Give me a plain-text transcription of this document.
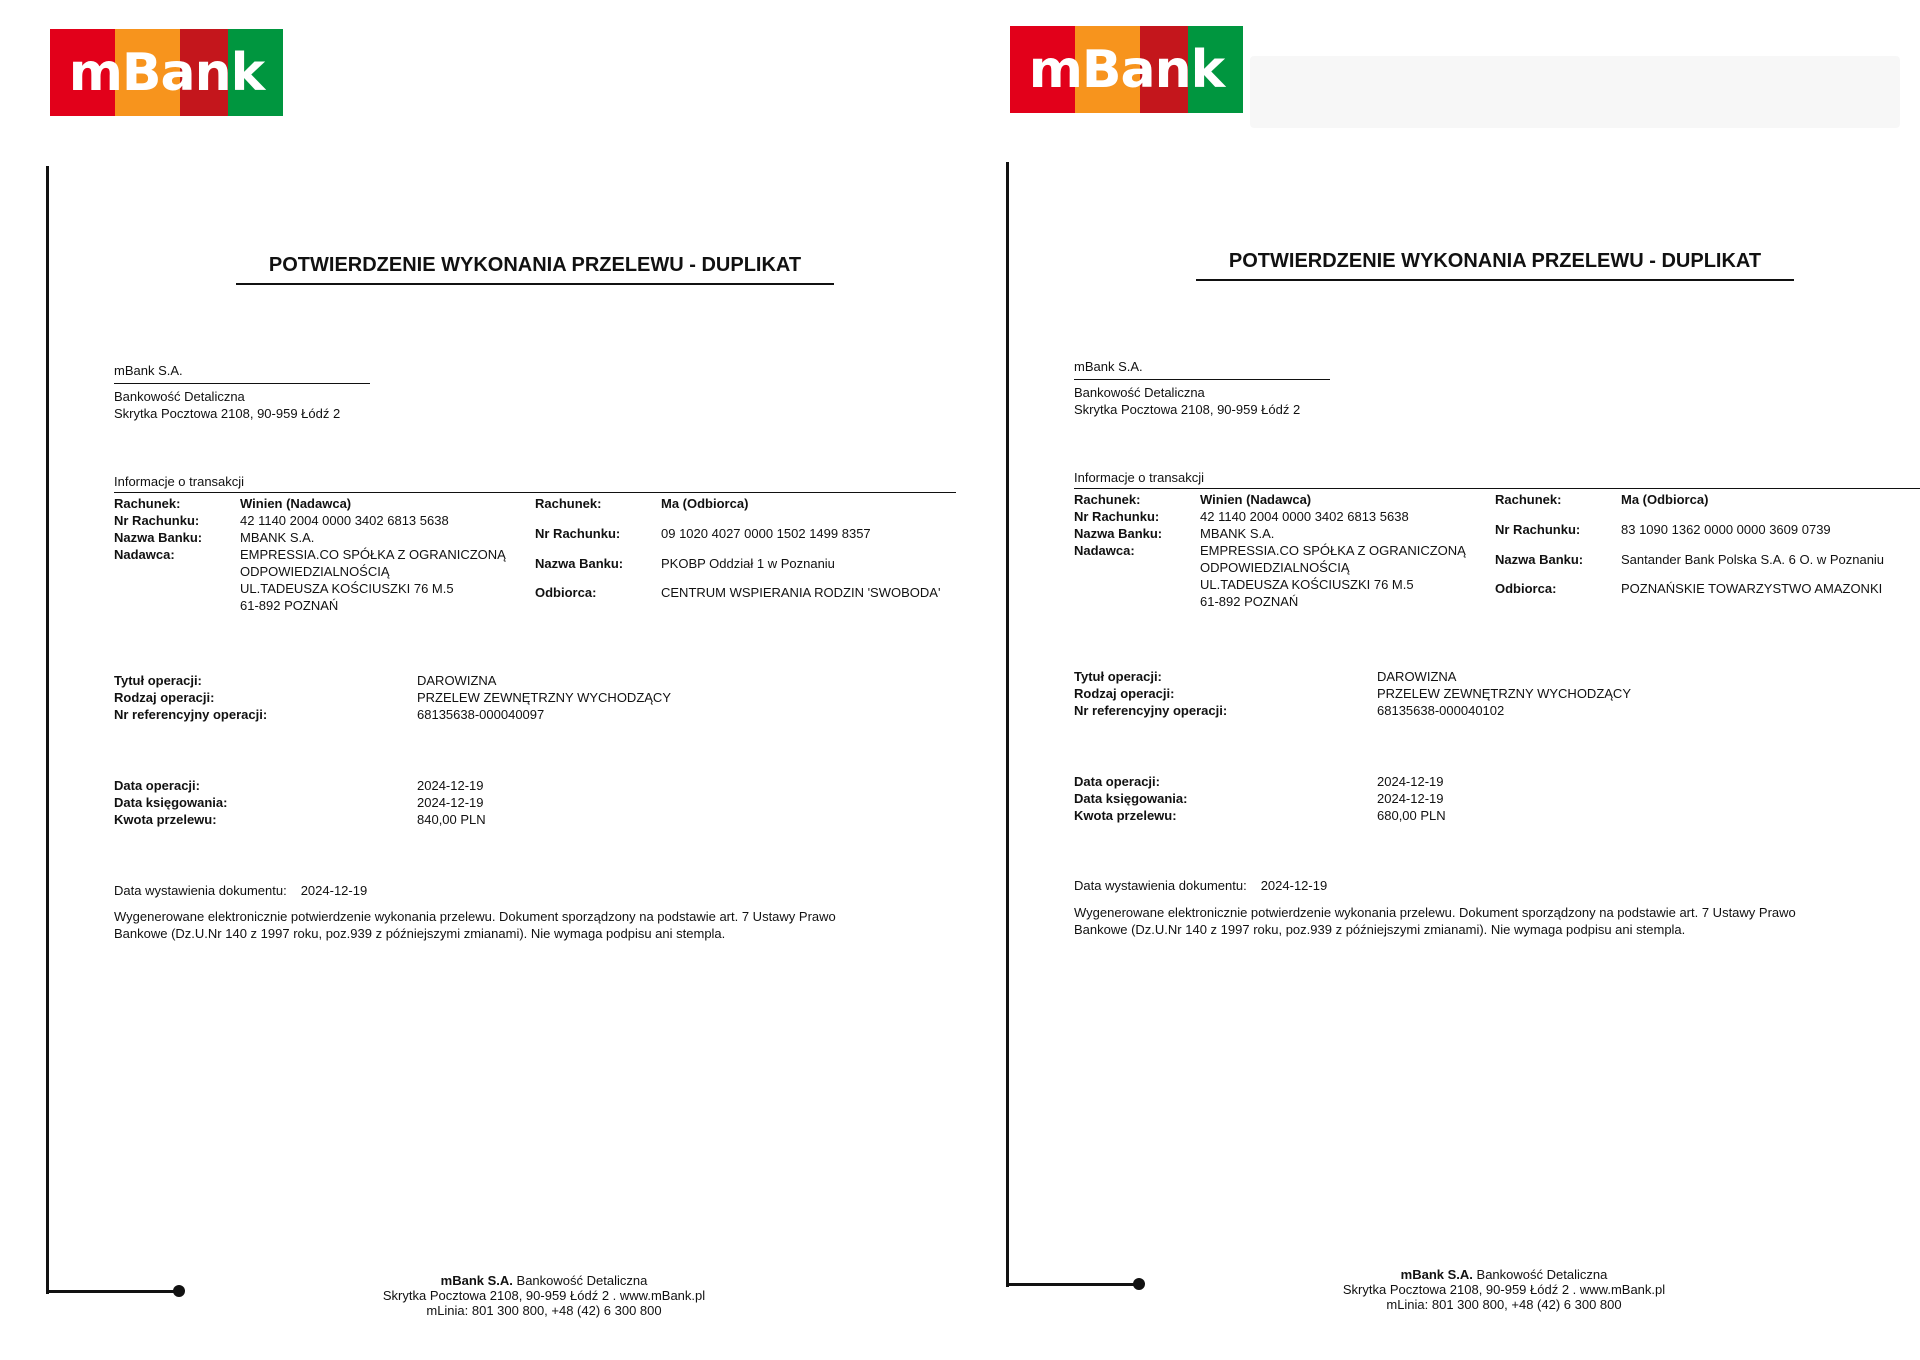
mBank
POTWIERDZENIE WYKONANIA PRZELEWU - DUPLIKAT
mBank S.A.
Bankowość Detaliczna
Skrytka Pocztowa 2108, 90-959 Łódź 2
Informacje o transakcji
Rachunek:	Winien (Nadawca)
Nr Rachunku:	42 1140 2004 0000 3402 6813 5638
Nazwa Banku:	MBANK S.A.
Nadawca:	EMPRESSIA.CO SPÓŁKA Z OGRANICZONĄ
ODPOWIEDZIALNOŚCIĄ
UL.TADEUSZA KOŚCIUSZKI 76 M.5
61-892 POZNAŃ
Rachunek:	Ma (Odbiorca)
Nr Rachunku:	09 1020 4027 0000 1502 1499 8357
Nazwa Banku:	PKOBP Oddział 1 w Poznaniu
Odbiorca:	CENTRUM WSPIERANIA RODZIN 'SWOBODA'
Tytuł operacji:	DAROWIZNA
Rodzaj operacji:	PRZELEW ZEWNĘTRZNY WYCHODZĄCY
Nr referencyjny operacji:	68135638-000040097
Data operacji:	2024-12-19
Data księgowania:	2024-12-19
Kwota przelewu:	840,00 PLN
Data wystawienia dokumentu: 2024-12-19
Wygenerowane elektronicznie potwierdzenie wykonania przelewu. Dokument sporządzony na podstawie art. 7 Ustawy Prawo
Bankowe (Dz.U.Nr 140 z 1997 roku, poz.939 z późniejszymi zmianami). Nie wymaga podpisu ani stempla.
mBank S.A. Bankowość Detaliczna
Skrytka Pocztowa 2108, 90-959 Łódź 2 . www.mBank.pl
mLinia: 801 300 800, +48 (42) 6 300 800
mBank
POTWIERDZENIE WYKONANIA PRZELEWU - DUPLIKAT
mBank S.A.
Bankowość Detaliczna
Skrytka Pocztowa 2108, 90-959 Łódź 2
Informacje o transakcji
Rachunek:	Winien (Nadawca)
Nr Rachunku:	42 1140 2004 0000 3402 6813 5638
Nazwa Banku:	MBANK S.A.
Nadawca:	EMPRESSIA.CO SPÓŁKA Z OGRANICZONĄ
ODPOWIEDZIALNOŚCIĄ
UL.TADEUSZA KOŚCIUSZKI 76 M.5
61-892 POZNAŃ
Rachunek:	Ma (Odbiorca)
Nr Rachunku:	83 1090 1362 0000 0000 3609 0739
Nazwa Banku:	Santander Bank Polska S.A. 6 O. w Poznaniu
Odbiorca:	POZNAŃSKIE TOWARZYSTWO AMAZONKI
Tytuł operacji:	DAROWIZNA
Rodzaj operacji:	PRZELEW ZEWNĘTRZNY WYCHODZĄCY
Nr referencyjny operacji:	68135638-000040102
Data operacji:	2024-12-19
Data księgowania:	2024-12-19
Kwota przelewu:	680,00 PLN
Data wystawienia dokumentu: 2024-12-19
Wygenerowane elektronicznie potwierdzenie wykonania przelewu. Dokument sporządzony na podstawie art. 7 Ustawy Prawo
Bankowe (Dz.U.Nr 140 z 1997 roku, poz.939 z późniejszymi zmianami). Nie wymaga podpisu ani stempla.
mBank S.A. Bankowość Detaliczna
Skrytka Pocztowa 2108, 90-959 Łódź 2 . www.mBank.pl
mLinia: 801 300 800, +48 (42) 6 300 800
